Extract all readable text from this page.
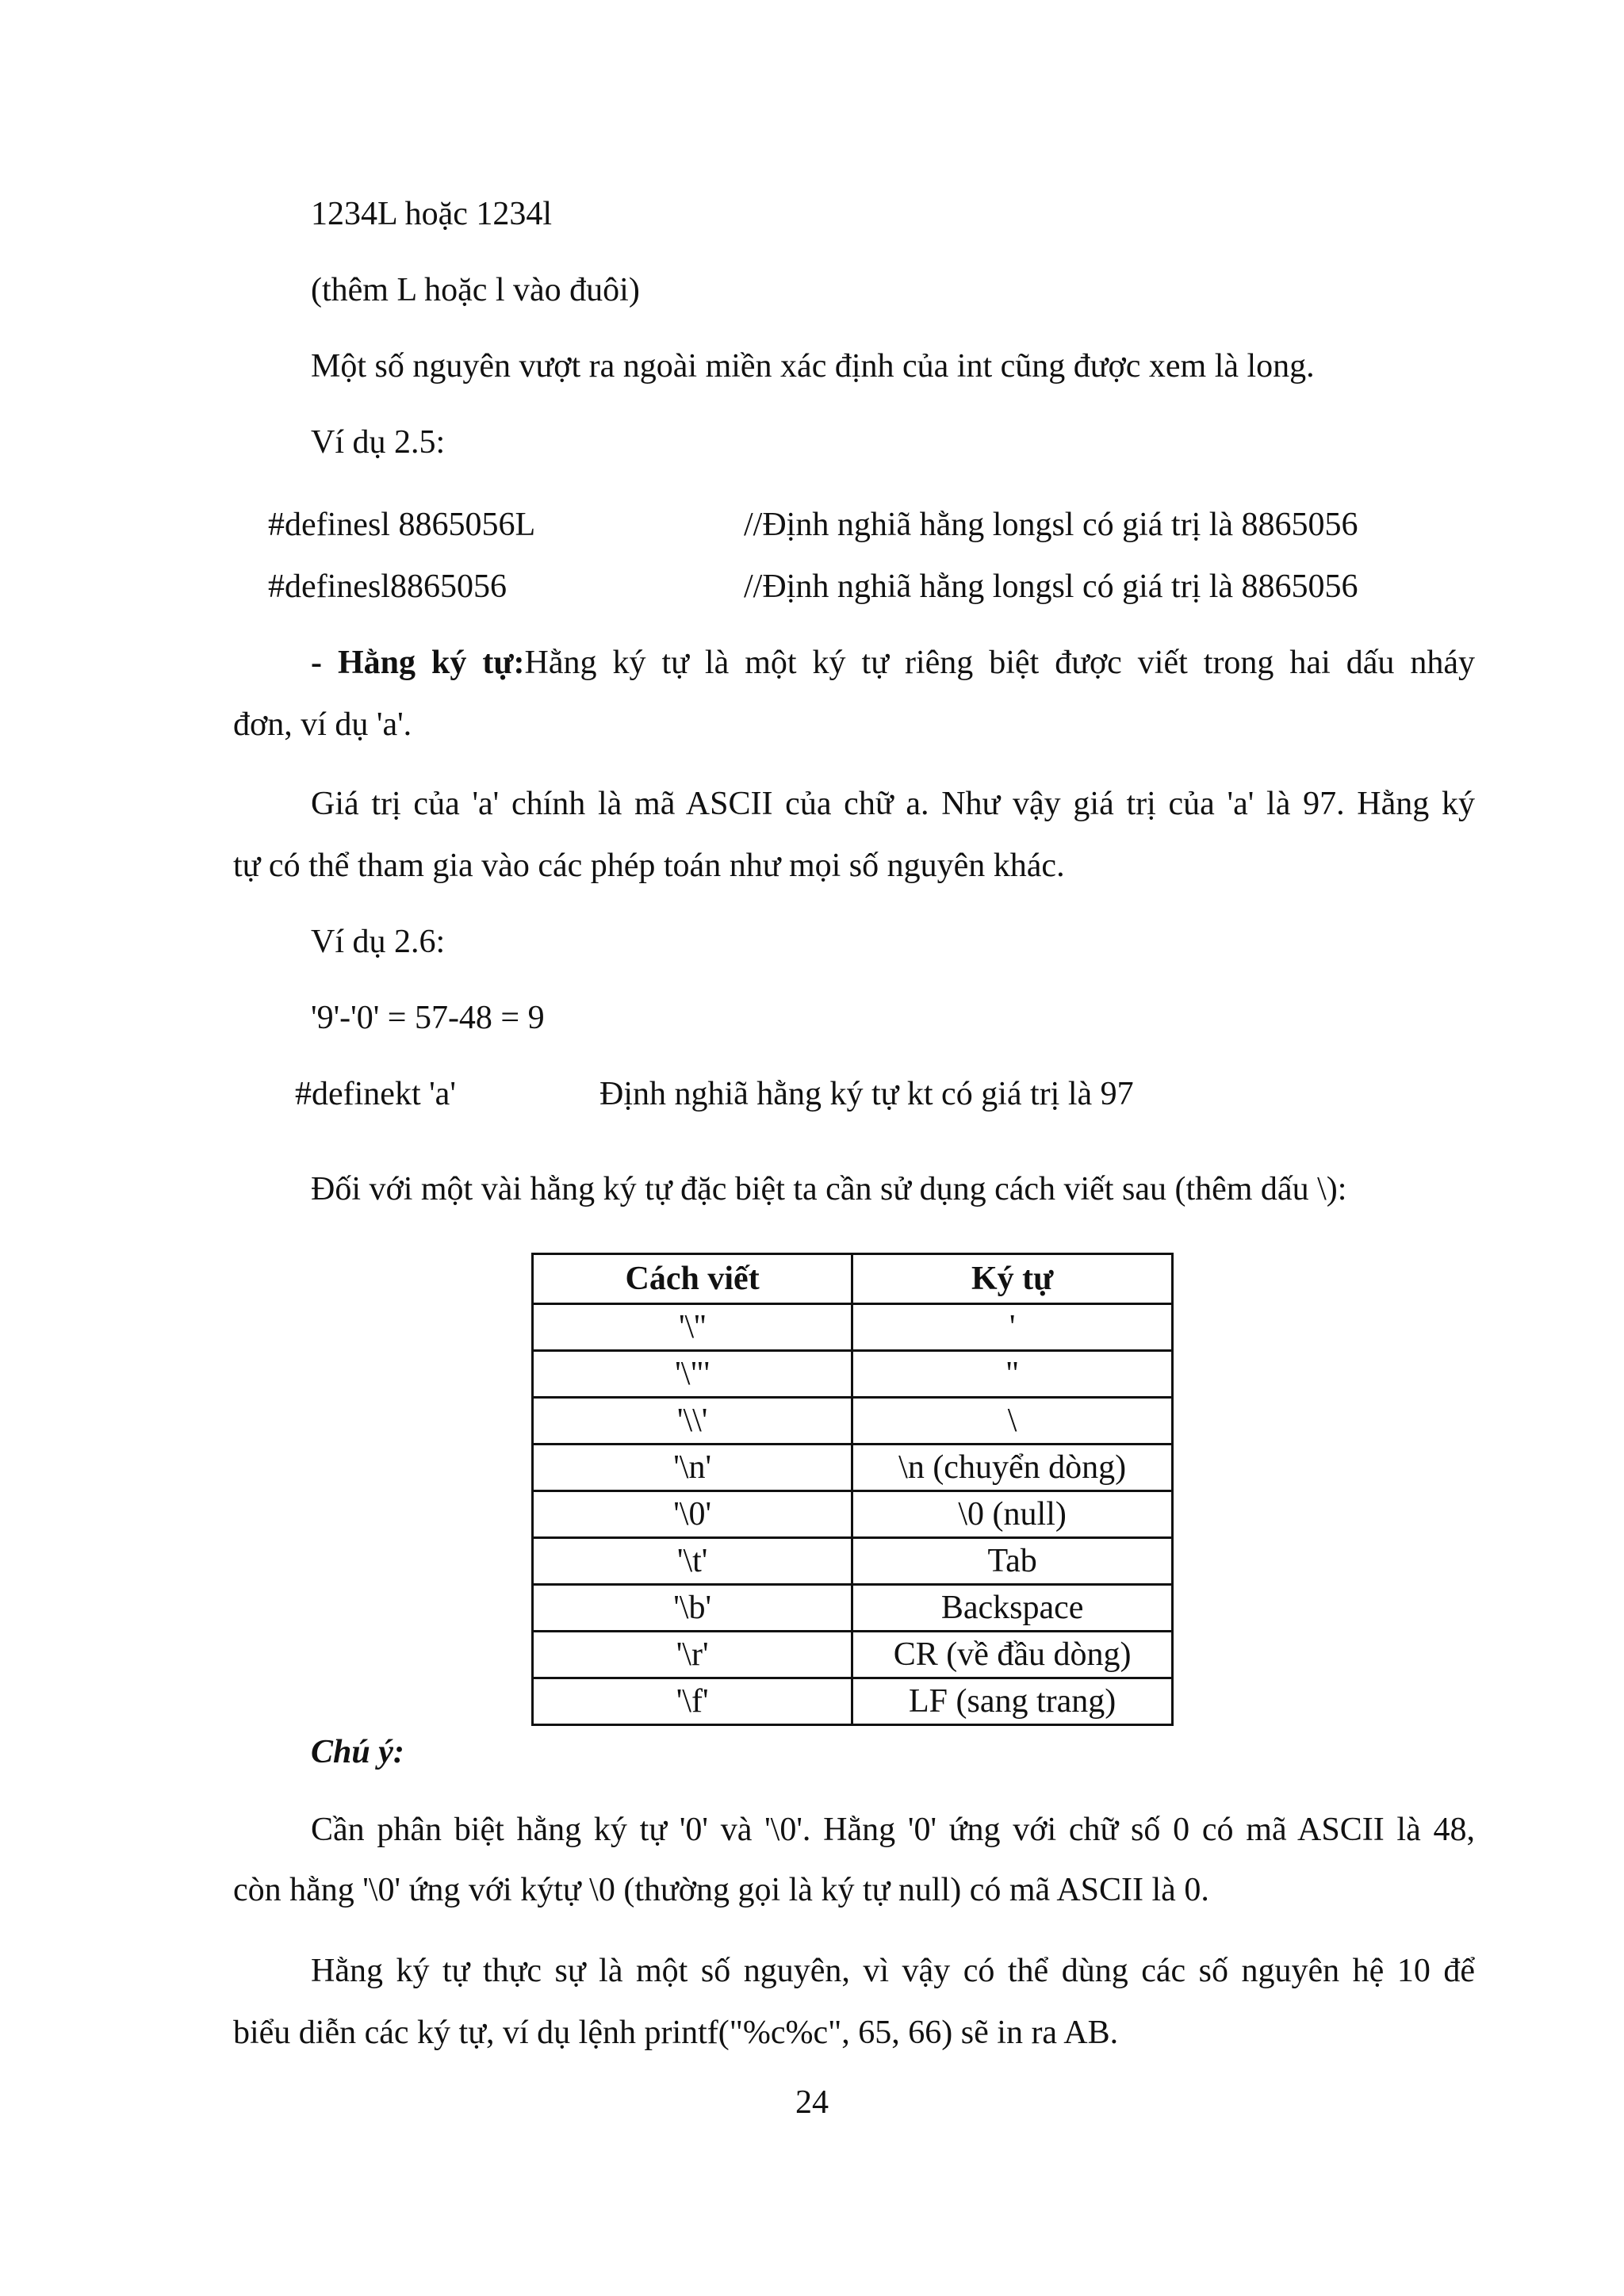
1234L hoặc 1234l
(thêm L hoặc l vào đuôi)
Một số nguyên vượt ra ngoài miền xác định của int cũng được xem là long.
Ví dụ 2.5:
#definesl 8865056L	//Định nghiã hằng longsl có giá trị là 8865056
#definesl8865056	//Định nghiã hằng longsl có giá trị là 8865056
- Hằng ký tự:Hằng ký tự là một ký tự riêng biệt được viết trong hai dấu nháy
đơn, ví dụ 'a'.
Giá trị của 'a' chính là mã ASCII của chữ a. Như vậy giá trị của 'a' là 97. Hằng ký
tự có thể tham gia vào các phép toán như mọi số nguyên khác.
Ví dụ 2.6:
'9'-'0' = 57-48 = 9
#definekt 'a'	Định nghiã hằng ký tự kt có giá trị là 97
Đối với một vài hằng ký tự đặc biệt ta cần sử dụng cách viết sau (thêm dấu \):
Cách viết	Ký tự
'\''	'
'\"'	"
'\\'	\
'\n'	\n (chuyển dòng)
'\0'	\0 (null)
'\t'	Tab
'\b'	Backspace
'\r'	CR (về đầu dòng)
'\f'	LF (sang trang)
Chú ý:
Cần phân biệt hằng ký tự '0' và '\0'. Hằng '0' ứng với chữ số 0 có mã ASCII là 48,
còn hằng '\0' ứng với kýtự \0 (thường gọi là ký tự null) có mã ASCII là 0.
Hằng ký tự thực sự là một số nguyên, vì vậy có thể dùng các số nguyên hệ 10 để
biểu diễn các ký tự, ví dụ lệnh printf("%c%c", 65, 66) sẽ in ra AB.
24
